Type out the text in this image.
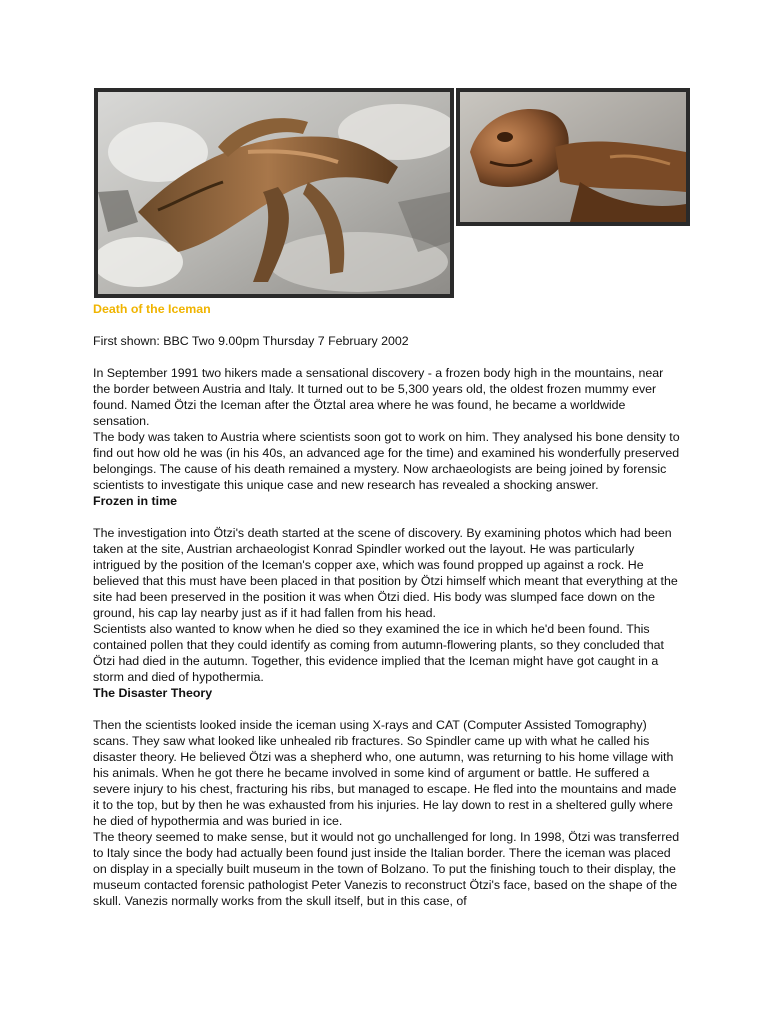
Death of the Iceman

First shown: BBC Two 9.00pm Thursday 7 February 2002

In September 1991 two hikers made a sensational discovery - a frozen body high in the mountains, near the border between Austria and Italy. It turned out to be 5,300 years old, the oldest frozen mummy ever found. Named Ötzi the Iceman after the Ötztal area where he was found, he became a worldwide sensation.

The body was taken to Austria where scientists soon got to work on him. They analysed his bone density to find out how old he was (in his 40s, an advanced age for the time) and examined his wonderfully preserved belongings. The cause of his death remained a mystery. Now archaeologists are being joined by forensic scientists to investigate this unique case and new research has revealed a shocking answer.

Frozen in time

The investigation into Ötzi's death started at the scene of discovery. By examining photos which had been taken at the site, Austrian archaeologist Konrad Spindler worked out the layout. He was particularly intrigued by the position of the Iceman's copper axe, which was found propped up against a rock. He believed that this must have been placed in that position by Ötzi himself which meant that everything at the site had been preserved in the position it was when Ötzi died. His body was slumped face down on the ground, his cap lay nearby just as if it had fallen from his head.

Scientists also wanted to know when he died so they examined the ice in which he'd been found. This contained pollen that they could identify as coming from autumn-flowering plants, so they concluded that Ötzi had died in the autumn. Together, this evidence implied that the Iceman might have got caught in a storm and died of hypothermia.

The Disaster Theory

Then the scientists looked inside the iceman using X-rays and CAT (Computer Assisted Tomography) scans. They saw what looked like unhealed rib fractures. So Spindler came up with what he called his disaster theory. He believed Ötzi was a shepherd who, one autumn, was returning to his home village with his animals. When he got there he became involved in some kind of argument or battle. He suffered a severe injury to his chest, fracturing his ribs, but managed to escape. He fled into the mountains and made it to the top, but by then he was exhausted from his injuries. He lay down to rest in a sheltered gully where he died of hypothermia and was buried in ice.

The theory seemed to make sense, but it would not go unchallenged for long. In 1998, Ötzi was transferred to Italy since the body had actually been found just inside the Italian border. There the iceman was placed on display in a specially built museum in the town of Bolzano. To put the finishing touch to their display, the museum contacted forensic pathologist Peter Vanezis to reconstruct Ötzi's face, based on the shape of the skull. Vanezis normally works from the skull itself, but in this case, of
